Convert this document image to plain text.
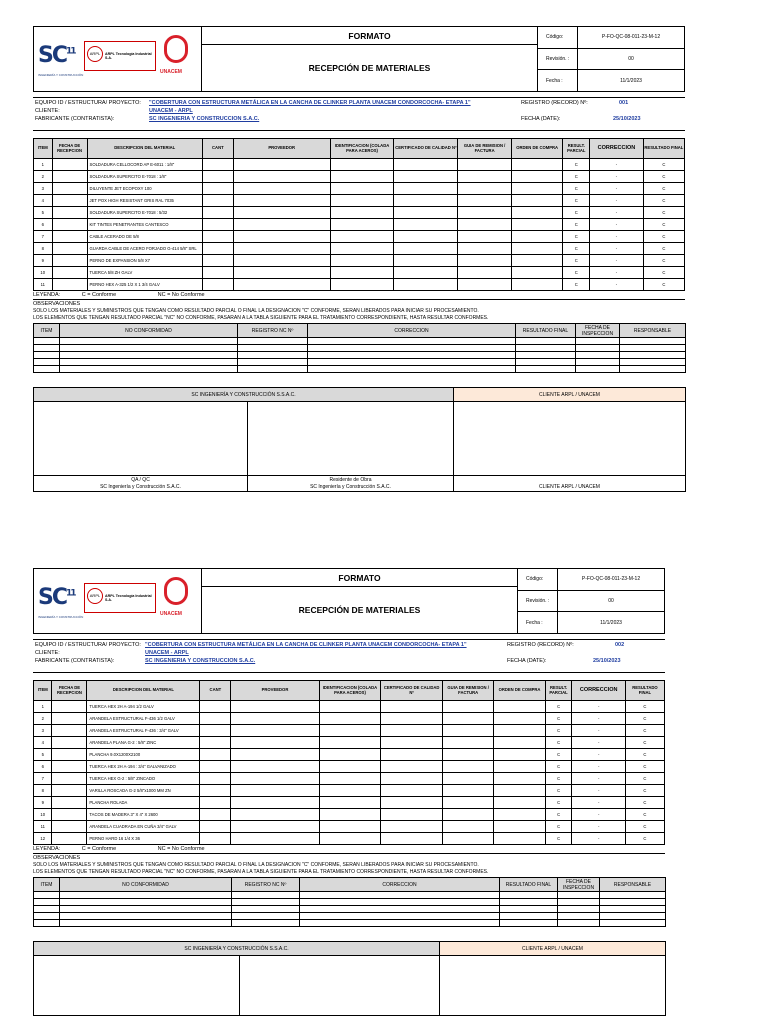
SC$^{11}$
INGENIERÍA Y CONSTRUCCIÓN
ARPL	ARPL Tecnología Industrial S.A.
UNACEM
FORMATO
RECEPCIÓN DE MATERIALES
Código:	P-FO-QC-08-011-23-M-12
Revisión. :	00
Fecha :	11/1/2023
EQUIPO ID / ESTRUCTURA/ PROYECTO: "COBERTURA CON ESTRUCTURA METÁLICA EN LA CANCHA DE CLINKER PLANTA UNACEM CONDORCOCHA- ETAPA 1"
CLIENTE:	UNACEM - ARPL
FABRICANTE (CONTRATISTA):	SC INGENIERIA Y CONSTRUCCION S.A.C.
REGISTRO (RECORD) Nº:	001
FECHA (DATE):	25/10/2023
ITEM	FECHA DE RECEPCION	DESCRIPCION DEL MATERIAL	CANT	PROVEEDOR	IDENTIFICACION (COLADA PARA ACEROS)	CERTIFICADO DE CALIDAD Nº	GUIA DE REMISION / FACTURA	ORDEN DE COMPRA	RESULT. PARCIAL	CORRECCION	RESULTADO FINAL
1		SOLDADURA CELLOCORD AP E-6011 : 1/8"							C	-	C
2		SOLDADURA SUPERCITO E-7018 : 1/8"							C	-	C
3		DILUYENTE JET ECOPOXY 100							C	-	C
4		JET POX HIGH RESISTANT GRIS RAL 7035							C	-	C
5		SOLDADURA SUPERCITO E-7018 : 5/32							C	-	C
6		KIT TINTES PENETRANTES CANTESCO							C	-	C
7		CABLE ACERADO DE 5/8							C	-	C
8		GUARDA CABLE DE ACERO FORJADO G-414 5/8" SRL							C	-	C
9		PERNO DE EXPANSION 5/8 X7							C	-	C
10		TUERCA 5/8 ZH GALV							C	-	C
11		PERNO HEX A-325 1/2 X 1 3/4 GALV							C	-	C
LEYENDA:	C = Conforme	NC = No Conforme
OBSERVACIONES
SOLO LOS MATERIALES Y SUMINISTROS QUE TENGAN COMO RESULTADO PARCIAL O FINAL LA DESIGNACION "C" CONFORME, SERAN LIBERADOS PARA INICIAR SU PROCESAMIENTO.
LOS ELEMENTOS QUE TENGAN RESULTADO PARCIAL "NC" NO CONFORME, PASARAN A LA TABLA SIGUIENTE PARA EL TRATAMIENTO CORRESPONDIENTE, HASTA RESULTAR CONFORMES.
ITEM	NO CONFORMIDAD	REGISTRO NC Nº	CORRECCION	RESULTADO FINAL	FECHA DE INSPECCION	RESPONSABLE

SC INGENIERÍA Y CONSTRUCCIÓN S.S.A.C.		CLIENTE ARPL / UNACEM

QA / QC	Residente de Obra	
SC Ingeniería y Construcción S.A.C.	SC Ingeniería y Construcción S.A.C.	CLIENTE ARPL / UNACEM
SC$^{11}$
INGENIERÍA Y CONSTRUCCIÓN
ARPL	ARPL Tecnología Industrial S.A.
UNACEM
FORMATO
RECEPCIÓN DE MATERIALES
Código:	P-FO-QC-08-011-23-M-12
Revisión. :	00
Fecha :	11/1/2023
EQUIPO ID / ESTRUCTURA/ PROYECTO: "COBERTURA CON ESTRUCTURA METÁLICA EN LA CANCHA DE CLINKER PLANTA UNACEM CONDORCOCHA- ETAPA 1"
CLIENTE:	UNACEM - ARPL
FABRICANTE (CONTRATISTA):	SC INGENIERIA Y CONSTRUCCION S.A.C.
REGISTRO (RECORD) Nº:	002
FECHA (DATE):	25/10/2023
ITEM	FECHA DE RECEPCION	DESCRIPCION DEL MATERIAL	CANT	PROVEEDOR	IDENTIFICACION (COLADA PARA ACEROS)	CERTIFICADO DE CALIDAD Nº	GUIA DE REMISION / FACTURA	ORDEN DE COMPRA	RESULT. PARCIAL	CORRECCION	RESULTADO FINAL
1		TUERCA HEX 2H A-194 1/2 GALV							C	-	C
2		ARANDELA ESTRUCTURAL F-436 1/2 GALV							C	-	C
3		ARANDELA ESTRUCTURAL F-436 : 3/4" GALV							C	-	C
4		ARANDELA PLANA G-2 : 5/8" ZINC							C	-	C
5		PLANCHA 9.0X1200X2100							C	-	C
6		TUERCA HEX 2H A-194 : 3/4" GALVANIZADO							C	-	C
7		TUERCA HEX G-2 : 5/8" ZINCADO							C	-	C
8		VARILLA ROSCADA G-2 5/8"x1000 MM ZN							C	-	C
9		PLANCHA ROLADA							C	-	C
10		TACOS DE MADERA 3" X 4" X 2600							C	-	C
11		ARANDELA CUADRADA EN CUÑA 3/4" GALV							C	-	C
12		PERNO HARD 16 1/4 X 36							C	-	C
LEYENDA:	C = Conforme	NC = No Conforme
OBSERVACIONES
SOLO LOS MATERIALES Y SUMINISTROS QUE TENGAN COMO RESULTADO PARCIAL O FINAL LA DESIGNACION "C" CONFORME, SERAN LIBERADOS PARA INICIAR SU PROCESAMIENTO.
LOS ELEMENTOS QUE TENGAN RESULTADO PARCIAL "NC" NO CONFORME, PASARAN A LA TABLA SIGUIENTE PARA EL TRATAMIENTO CORRESPONDIENTE, HASTA RESULTAR CONFORMES.
ITEM	NO CONFORMIDAD	REGISTRO NC Nº	CORRECCION	RESULTADO FINAL	FECHA DE INSPECCION	RESPONSABLE

SC INGENIERÍA Y CONSTRUCCIÓN S.S.A.C.		CLIENTE ARPL / UNACEM
